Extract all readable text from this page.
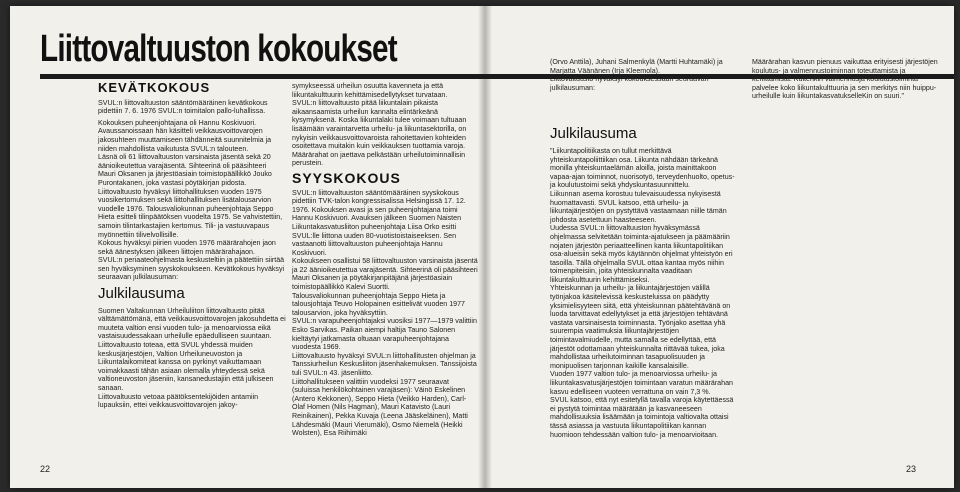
Liittovaltuuston kokoukset
KEVÄTKOKOUS

SVUL:n liittovaltuuston sääntömääräinen kevätkokous pidettiin 7. 6. 1976 SVUL:n toimitalon pallo-luhallissa.

Kokouksen puheenjohtajana oli Hannu Koskivuori. Avaussanoissaan hän käsitteli veikkausvoittovarojen jakosuhteen muuttamiseen tähdänneitä suunnitelmia ja niiden mahdollista vaikutusta SVUL:n talouteen.

Läsnä oli 61 liittovaltuuston varsinaista jäsentä sekä 20 äänioikeutettua varajäsentä. Sihteerinä oli pääsihteeri Mauri Oksanen ja järjestöasiain toimistopäällikkö Jouko Purontakanen, joka vastasi pöytäkirjan pidosta.

Liittovaltuusto hyväksyi liittohallituksen vuoden 1975 vuosikertomuksen sekä liittohallituksen lisätalousarvion vuodelle 1976. Talousvaliokunnan puheenjohtaja Seppo Hieta esitteli tilinpäätöksen vuodelta 1975. Se vahvistettiin, samoin tilintarkastajien kertomus. Tili- ja vastuuvapaus myönnettiin tilivelvollisille.

Kokous hyväksyi piirien vuoden 1976 määrärahojen jaon sekä äänestyksen jälkeen liittojen määrärahajaon.

SVUL:n periaateohjelmasta keskusteltiin ja päätettiin siirtää sen hyväksyminen syyskokoukseen. Kevätkokous hyväksyi seuraavan julkilausuman:

Julkilausuma

Suomen Valtakunnan Urheiluliiton liittovaltuusto pitää välttämättömänä, että veikkausvoittovarojen jakosuhdetta ei muuteta valtion ensi vuoden tulo- ja menoarviossa eikä vastaisuudessakaan urheilulle epäedulliseen suuntaan. Liittovaltuusto toteaa, että SVUL yhdessä muiden keskusjärjestöjen, Valtion Urheiluneuvoston ja Liikuntalaikomiteat kanssa on pyrkinyt vaikuttamaan voimakkaasti tähän asiaan olemalla yhteydessä sekä valtioneuvoston jäseniin, kansanedustajiin että julkiseen sanaan.

Liittovaltuusto vetoaa päätöksentekijöiden antamiin lupauksiin, ettei veikkausvoittovarojen jakoy-

symykseessä urheilun osuutta kavenneta ja että liikuntakulttuurin kehittämisedellytykset turvataan.

SVUL:n liittovaltuusto pitää liikuntalain pikaista aikaansaamista urheilun kannalta elintärkeänä kysymyksenä. Koska liikuntalaki tulee voimaan tultuaan lisäämään varaintarvetta urheilu- ja liikuntasektorilla, on nykyisin veikkausvoittovaroista rahoitettavien kohteiden osoitettava muitakin kuin veikkauksen tuottamia varoja. Määrärahat on jaettava pelkästään urheilutoiminnallisin perustein.

SYYSKOKOUS

SVUL:n liittovaltuuston sääntömääräinen syyskokous pidettiin TVK-talon kongressisalissa Helsingissä 17. 12. 1976. Kokouksen avasi ja sen puheenjohtajana toimi Hannu Koskivuori. Avauksen jälkeen Suomen Naisten Liikuntakasvatusliiton puheenjohtaja Liisa Orko esitti SVUL:lle liittona uuden 80-vuotistoistaiseeksen. Sen vastaanotti liittovaltuuston puheenjohtaja Hannu Koskivuori.

Kokoukseen osallistui 58 liittovaltuuston varsinaista jäsentä ja 22 äänioikeutettua varajäsentä. Sihteerinä oli pääsihteeri Mauri Oksanen ja pöytäkirjanpitäjänä järjestöasiain toimistopäällikkö Kalevi Suortti.

Talousvaliokunnan puheenjohtaja Seppo Hieta ja talousjohtaja Teuvo Holopainen esittelivät vuoden 1977 talousarvion, joka hyväksyttiin.

SVUL:n varapuheenjohtajaksi vuosiksi 1977—1979 valittiin Esko Sarvikas. Paikan aiempi haltija Tauno Salonen kieltäytyi jatkamasta oltuaan varapuheenjohtajana vuodesta 1969.

Liittovaltuusto hyväksyi SVUL:n liittohallitusten ohjelman ja Tanssiurheilun Keskusliiton jäsenhakemuksen. Tanssijoista tuli SVUL:n 43. jäsenliitto.

Liittohallitukseen valittiin vuodeksi 1977 seuraavat (suluissa henkilökohtainen varajäsen): Väinö Eskelinen (Antero Kekkonen), Seppo Hieta (Veikko Harden), Carl-Olaf Homen (Nils Hagman), Mauri Katavisto (Lauri Reinikainen), Pekka Kuvaja (Leena Jääskeläinen), Matti Lähdesmäki (Mauri Vierumäki), Osmo Niemelä (Heikki Wolsten), Esa Riihimäki

(Orvo Anttila), Juhani Salmenkylä (Martti Huhtamäki) ja Marjatta Väänänen (Irja Kleemola).

Liittovaltuusto hyväksyi kokouksessaan seuraavan julkilausuman:

Julkilausuma

"Liikuntapolitiikasta on tullut merkittävä yhteiskuntapoliittiikan osa. Liikunta nähdään tärkeänä monilla yhteiskuntaelämän aloilla, joista mainittakoon vapaa-ajan toiminnot, nuorisotyö, terveydenhuolto, opetus- ja koulutustoimi sekä yhdyskuntasuunnittelu.

Liikunnan asema korostuu tulevaisuudessa nykyisestä huomattavasti. SVUL katsoo, että urheilu- ja liikuntajärjestöjen on pystyttävä vastaamaan niille tämän johdosta asetettuun haasteeseen.

Uudessa SVUL:n liittovaltuuston hyväksymässä ohjelmassa selvitetään toiminta-ajatukseen ja päämääriin nojaten järjestön periaatteellinen kanta liikuntapolitiikan osa-alueisiin sekä myös käytännön ohjelmat yhteistyön eri tasoilla. Tällä ohjelmalla SVUL ottaa kantaa myös niihin toimenpiteisiin, joita yhteiskunnalta vaaditaan liikuntakulttuurin kehittämiseksi.

Yhteiskunnan ja urheilu- ja liikuntajärjestöjen välillä työnjakoa käsitelevissä keskusteluissa on päädytty yksimielisyyteen siitä, että yhteiskunnan päätehtävänä on luoda tarvittavat edellytykset ja että järjestöjen tehtävänä vastata varsinaisesta toiminnasta. Työnjako asettaa yhä suurempia vaatimuksia liikuntajärjestöjen toimintavalmiudelle, mutta samalla se edellyttää, että järjestöt odottamaan yhteiskunnalta riittävää tukea, joka mahdollistaa urheilutoiminnan tasapuolisuuden ja monipuolisen tarjonnan kaikille kansalaisille.

Vuoden 1977 valtion tulo- ja menoarviossa urheilu- ja liikuntakasvatusjärjestöjen toimintaan varatun määrärahan kasvu edelliseen vuoteen verrattuna on vain 7,3 %.

SVUL katsoo, että nyt esitetyllä tavalla varoja käytettäessä ei pystytä toimintaa määrätään ja kasvaneeseen mahdollisuuksia lisäämään ja toimintoja valtiovalta ottaisi tässä asiassa ja vastuuta liikuntapolitiikan kannan huomioon tehdessään valtion tulo- ja menoarvioitaan.

Määrärahan kasvun pienuus vaikuttaa erityisesti järjestöjen koulutus- ja valmennustoiminnan toteuttamista ja kehittämistä. Kuitenkin valmennusja koulutustoiminta palvelee koko liikuntakulttuuria ja sen merkitys niin huippu-urheilulle kuin liikuntakasvatukselleKin on suuri."

22	23
